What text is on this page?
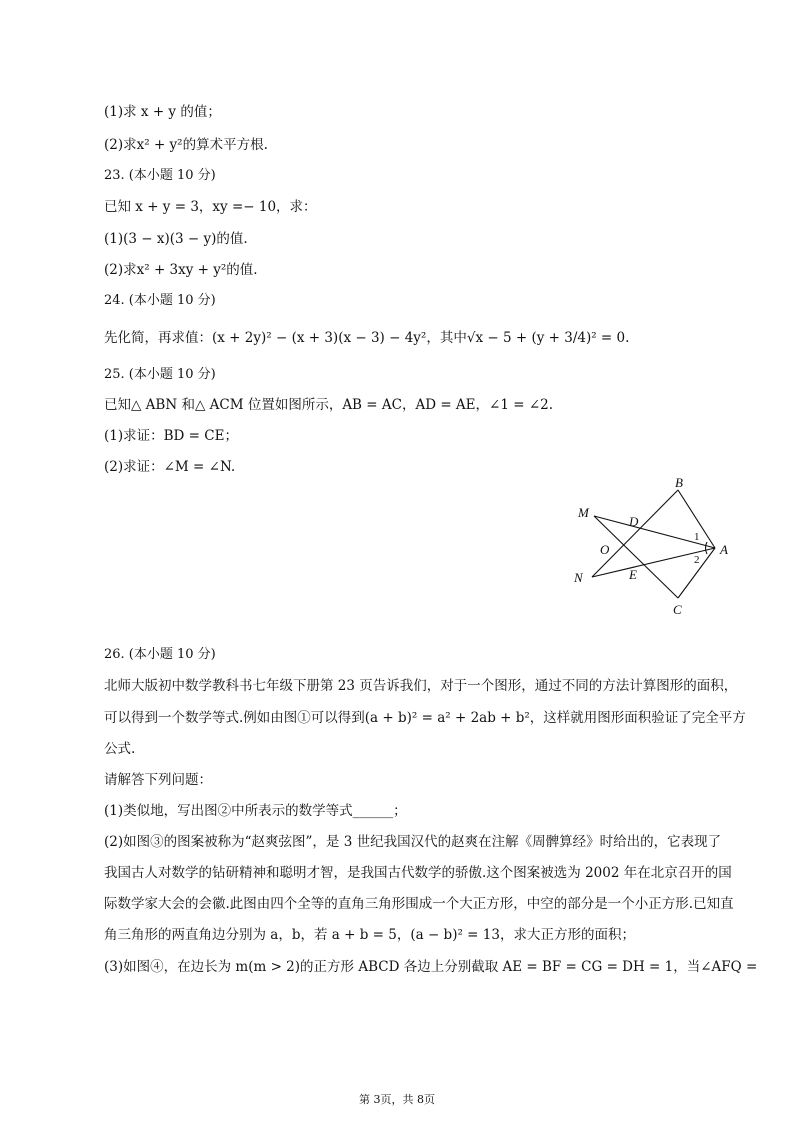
(1)求 x + y 的值；
(2)求x² + y²的算术平方根.
23. (本小题 10 分)
已知 x + y = 3，xy =− 10，求：
(1)(3 − x)(3 − y)的值.
(2)求x² + 3xy + y²的值.
24. (本小题 10 分)
先化简，再求值：(x + 2y)² − (x + 3)(x − 3) − 4y²，其中√x − 5 + (y + 3/4)² = 0.
25. (本小题 10 分)
已知△ ABN 和△ ACM 位置如图所示，AB = AC，AD = AE，∠1 = ∠2.
(1)求证：BD = CE；
(2)求证：∠M = ∠N.
B
M
D
1
A
O
2
N	E
C
26. (本小题 10 分)
北师大版初中数学教科书七年级下册第 23 页告诉我们，对于一个图形，通过不同的方法计算图形的面积，
可以得到一个数学等式.例如由图①可以得到(a + b)² = a² + 2ab + b²，这样就用图形面积验证了完全平方
公式.
请解答下列问题：
(1)类似地，写出图②中所表示的数学等式______；
(2)如图③的图案被称为“赵爽弦图”，是 3 世纪我国汉代的赵爽在注解《周髀算经》时给出的，它表现了
我国古人对数学的钻研精神和聪明才智，是我国古代数学的骄傲.这个图案被选为 2002 年在北京召开的国
际数学家大会的会徽.此图由四个全等的直角三角形围成一个大正方形，中空的部分是一个小正方形.已知直
角三角形的两直角边分别为 a，b，若 a + b = 5，(a − b)² = 13，求大正方形的面积；
(3)如图④，在边长为 m(m > 2)的正方形 ABCD 各边上分别截取 AE = BF = CG = DH = 1，当∠AFQ =
第 3页，共 8页
